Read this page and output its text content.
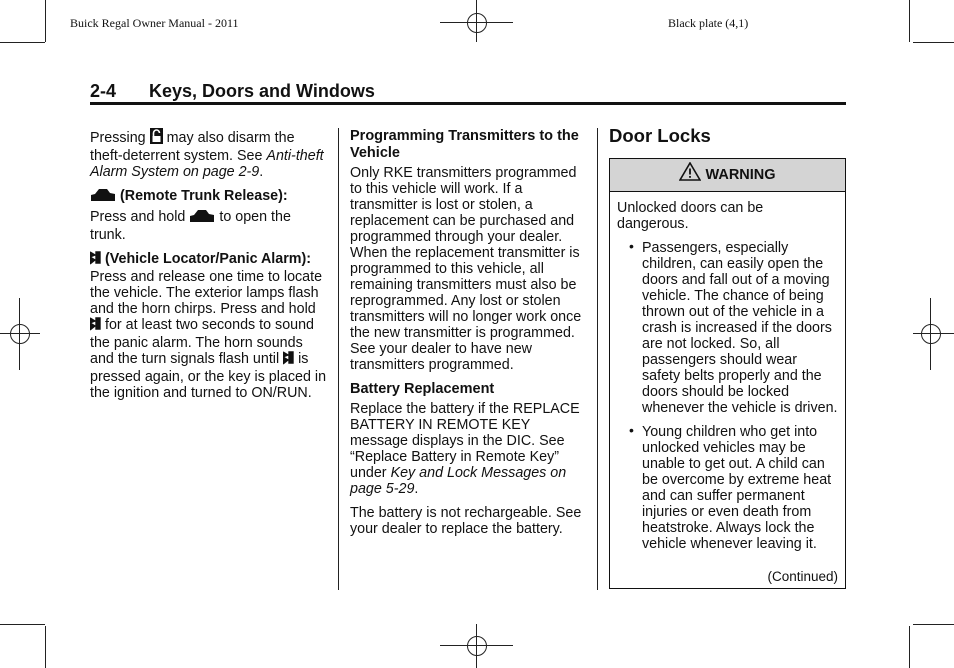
Buick Regal Owner Manual - 2011	Black plate (4,1)
2-4 Keys, Doors and Windows

Pressing may also disarm the theft-deterrent system. See Anti-theft Alarm System on page 2-9.

(Remote Trunk Release):

Press and hold to open the trunk.

(Vehicle Locator/Panic Alarm): Press and release one time to locate the vehicle. The exterior lamps flash and the horn chirps. Press and hold  for at least two seconds to sound the panic alarm. The horn sounds and the turn signals flash until is pressed again, or the key is placed in the ignition and turned to ON/RUN.

Programming Transmitters to the Vehicle

Only RKE transmitters programmed to this vehicle will work. If a transmitter is lost or stolen, a replacement can be purchased and programmed through your dealer. When the replacement transmitter is programmed to this vehicle, all remaining transmitters must also be reprogrammed. Any lost or stolen transmitters will no longer work once the new transmitter is programmed. See your dealer to have new transmitters programmed.

Battery Replacement

Replace the battery if the REPLACE BATTERY IN REMOTE KEY message displays in the DIC. See “Replace Battery in Remote Key” under Key and Lock Messages on page 5-29.

The battery is not rechargeable. See your dealer to replace the battery.

Door Locks
WARNING
Unlocked doors can be dangerous.
• Passengers, especially children, can easily open the doors and fall out of a moving vehicle. The chance of being thrown out of the vehicle in a crash is increased if the doors are not locked. So, all passengers should wear safety belts properly and the doors should be locked whenever the vehicle is driven.
• Young children who get into unlocked vehicles may be unable to get out. A child can be overcome by extreme heat and can suffer permanent injuries or even death from heatstroke. Always lock the vehicle whenever leaving it.
(Continued)
